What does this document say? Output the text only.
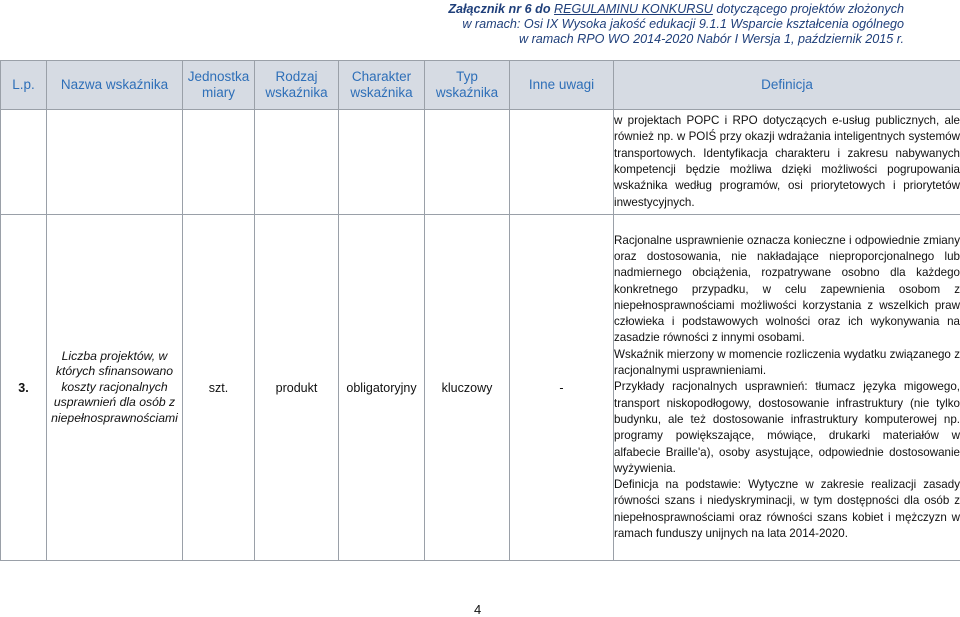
Załącznik nr 6 do REGULAMINU KONKURSU dotyczącego projektów złożonych
w ramach: Osi IX Wysoka jakość edukacji 9.1.1 Wsparcie kształcenia ogólnego
w ramach RPO WO 2014-2020 Nabór I Wersja 1, październik 2015 r.
L.p.	Nazwa wskaźnika	Jednostka miary	Rodzaj wskaźnika	Charakter wskaźnika	Typ wskaźnika	Inne uwagi	Definicja

							w projektach POPC i RPO dotyczących e-usług publicznych, ale również np. w POIŚ przy okazji wdrażania inteligentnych systemów transportowych. Identyfikacja charakteru i zakresu nabywanych kompetencji będzie możliwa dzięki możliwości pogrupowania wskaźnika według programów, osi priorytetowych i priorytetów inwestycyjnych.

3.	Liczba projektów, w których sfinansowano koszty racjonalnych usprawnień dla osób z niepełnosprawnościami	szt.	produkt	obligatoryjny	kluczowy	-	Racjonalne usprawnienie oznacza konieczne i odpowiednie zmiany oraz dostosowania, nie nakładające nieproporcjonalnego lub nadmiernego obciążenia, rozpatrywane osobno dla każdego konkretnego przypadku, w celu zapewnienia osobom z niepełnosprawnościami możliwości korzystania z wszelkich praw człowieka i podstawowych wolności oraz ich wykonywania na zasadzie równości z innymi osobami.

Wskaźnik mierzony w momencie rozliczenia wydatku związanego z racjonalnymi usprawnieniami.

Przykłady racjonalnych usprawnień: tłumacz języka migowego, transport niskopodłogowy, dostosowanie infrastruktury (nie tylko budynku, ale też dostosowanie infrastruktury komputerowej np. programy powiększające, mówiące, drukarki materiałów w alfabecie Braille'a), osoby asystujące, odpowiednie dostosowanie wyżywienia.

Definicja na podstawie: Wytyczne w zakresie realizacji zasady równości szans i niedyskryminacji, w tym dostępności dla osób z niepełnosprawnościami oraz równości szans kobiet i mężczyzn w ramach funduszy unijnych na lata 2014-2020.

4
